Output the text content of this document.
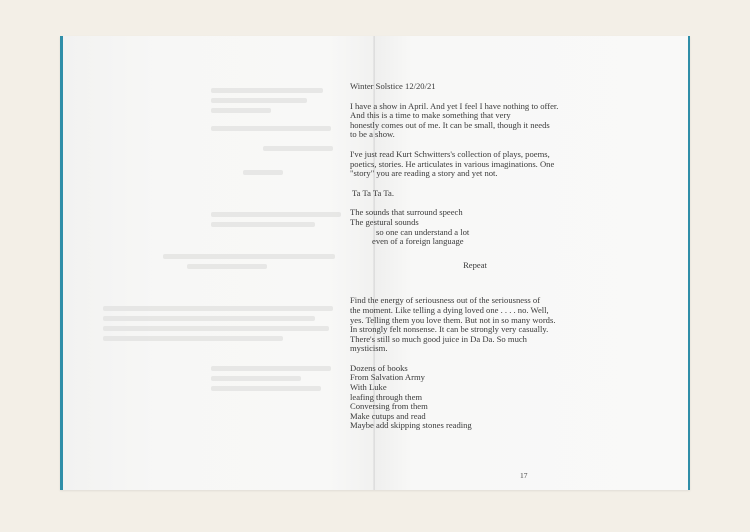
Winter Solstice 12/20/21

I have a show in April. And yet I feel I have nothing to offer.

And this is a time to make something that very

honestly comes out of me. It can be small, though it needs

to be a show.

I've just read Kurt Schwitters's collection of plays, poems,

poetics, stories. He articulates in various imaginations. One

"story" you are reading a story and yet not.

Ta Ta Ta Ta.

The sounds that surround speech

The gestural sounds

so one can understand a lot

even of a foreign language

Repeat

Find the energy of seriousness out of the seriousness of

the moment. Like telling a dying loved one . . . . no. Well,

yes. Telling them you love them. But not in so many words.

In strongly felt nonsense. It can be strongly very casually.

There's still so much good juice in Da Da. So much

mysticism.

Dozens of books

From Salvation Army

With Luke

leafing through them

Conversing from them

Make cutups and read

Maybe add skipping stones reading

17
